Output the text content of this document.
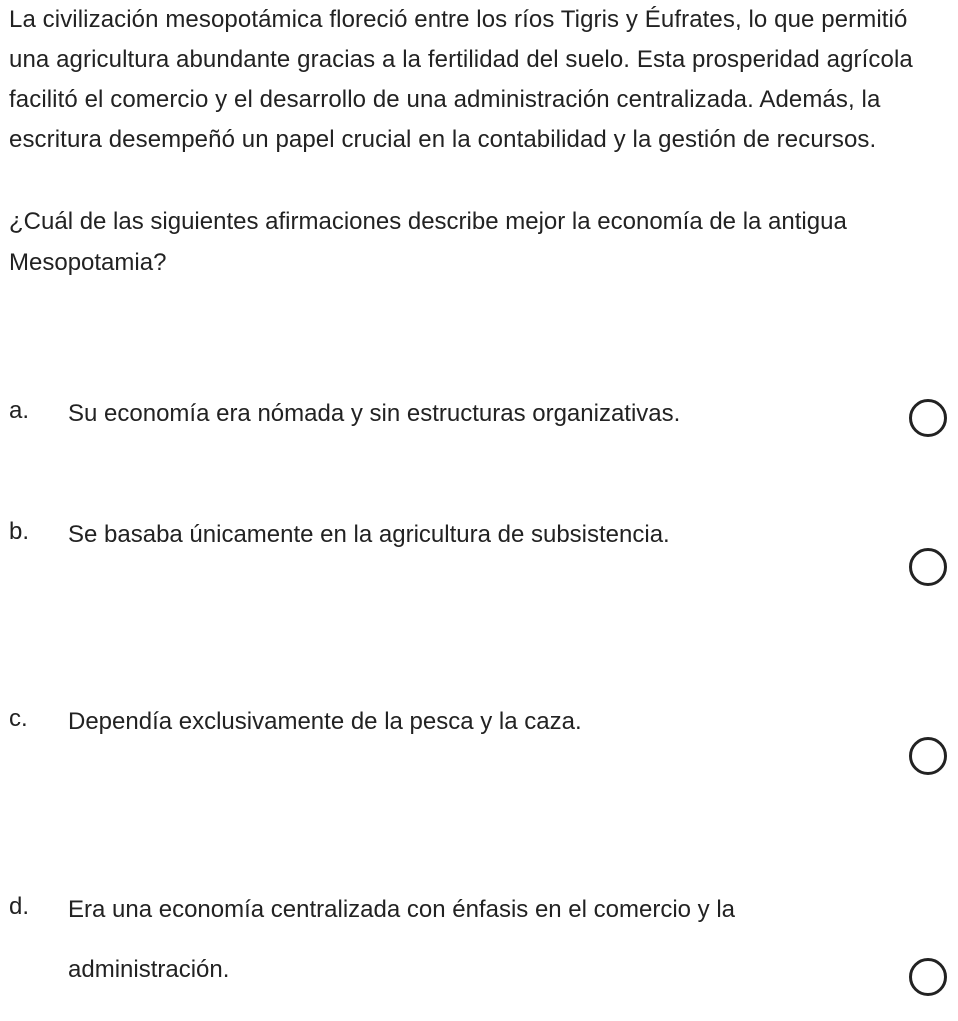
La civilización mesopotámica floreció entre los ríos Tigris y Éufrates, lo que permitió una agricultura abundante gracias a la fertilidad del suelo. Esta prosperidad agrícola facilitó el comercio y el desarrollo de una administración centralizada. Además, la escritura desempeñó un papel crucial en la contabilidad y la gestión de recursos.

¿Cuál de las siguientes afirmaciones describe mejor la economía de la antigua Mesopotamia?

a. Su economía era nómada y sin estructuras organizativas.
b. Se basaba únicamente en la agricultura de subsistencia.
c. Dependía exclusivamente de la pesca y la caza.
d. Era una economía centralizada con énfasis en el comercio y la administración.
